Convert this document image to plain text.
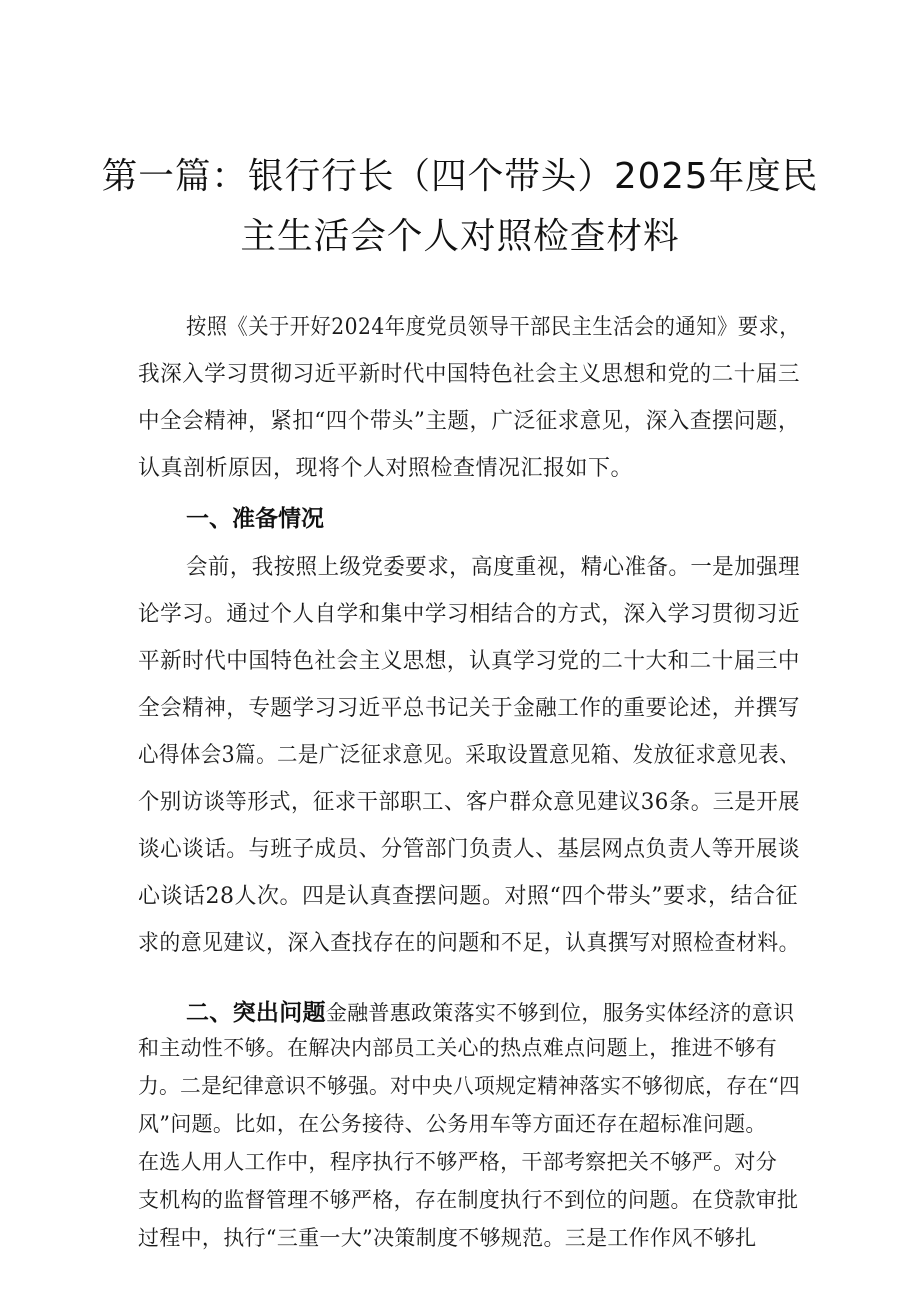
第一篇：银行行长（四个带头）2025年度民
主生活会个人对照检查材料
按照《关于开好2024年度党员领导干部民主生活会的通知》要求，
我深入学习贯彻习近平新时代中国特色社会主义思想和党的二十届三
中全会精神，紧扣“四个带头”主题，广泛征求意见，深入查摆问题，
认真剖析原因，现将个人对照检查情况汇报如下。
一、准备情况
会前，我按照上级党委要求，高度重视，精心准备。一是加强理
论学习。通过个人自学和集中学习相结合的方式，深入学习贯彻习近
平新时代中国特色社会主义思想，认真学习党的二十大和二十届三中
全会精神，专题学习习近平总书记关于金融工作的重要论述，并撰写
心得体会3篇。二是广泛征求意见。采取设置意见箱、发放征求意见表、
个别访谈等形式，征求干部职工、客户群众意见建议36条。三是开展
谈心谈话。与班子成员、分管部门负责人、基层网点负责人等开展谈
心谈话28人次。四是认真查摆问题。对照“四个带头”要求，结合征
求的意见建议，深入查找存在的问题和不足，认真撰写对照检查材料。
二、突出问题金融普惠政策落实不够到位，服务实体经济的意识
和主动性不够。在解决内部员工关心的热点难点问题上，推进不够有
力。二是纪律意识不够强。对中央八项规定精神落实不够彻底，存在“四
风”问题。比如，在公务接待、公务用车等方面还存在超标准问题。
在选人用人工作中，程序执行不够严格，干部考察把关不够严。对分
支机构的监督管理不够严格，存在制度执行不到位的问题。在贷款审批
过程中，执行“三重一大”决策制度不够规范。三是工作作风不够扎
